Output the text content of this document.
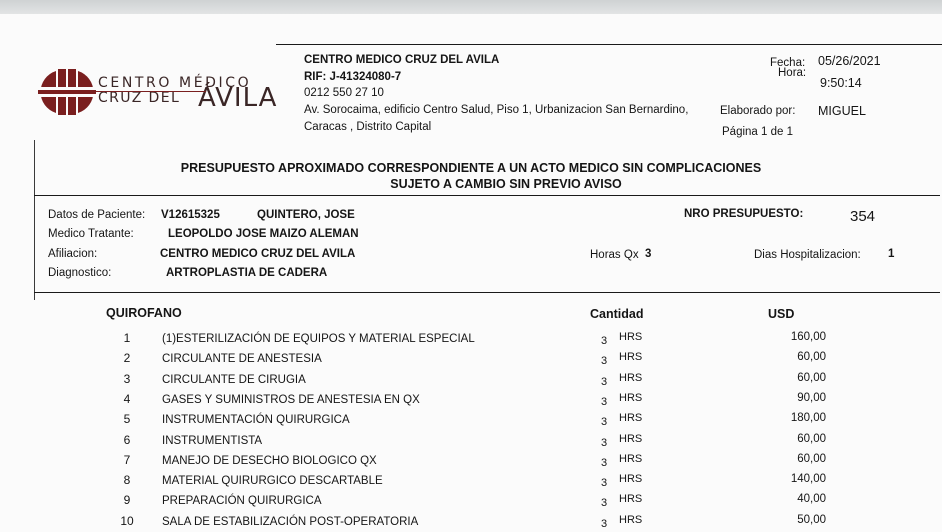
CENTRO MÉDICO
CRUZ DEL ÁVILA
CENTRO MEDICO CRUZ DEL AVILA
RIF: J-41324080-7
0212 550 27 10
Av. Sorocaima, edificio Centro Salud, Piso 1, Urbanizacion San Bernardino,
Caracas , Distrito Capital
Fecha: 05/26/2021
Hora:
9:50:14
Elaborado por: MIGUEL
Página 1 de 1
PRESUPUESTO APROXIMADO CORRESPONDIENTE A UN ACTO MEDICO SIN COMPLICACIONES
SUJETO A CAMBIO SIN PREVIO AVISO
Datos de Paciente: V12615325	QUINTERO, JOSE	NRO PRESUPUESTO:	354
Medico Tratante:	LEOPOLDO JOSE MAIZO ALEMAN
Afiliacion:	CENTRO MEDICO CRUZ DEL AVILA	Horas Qx 3	Dias Hospitalizacion: 1
Diagnostico:	ARTROPLASTIA DE CADERA
QUIROFANO	Cantidad	USD
1	(1)ESTERILIZACIÓN DE EQUIPOS Y MATERIAL ESPECIAL	3 HRS	160,00
2	CIRCULANTE DE ANESTESIA	3 HRS	60,00
3	CIRCULANTE DE CIRUGIA	3 HRS	60,00
4	GASES Y SUMINISTROS DE ANESTESIA EN QX	3 HRS	90,00
5	INSTRUMENTACIÓN QUIRURGICA	3 HRS	180,00
6	INSTRUMENTISTA	3 HRS	60,00
7	MANEJO DE DESECHO BIOLOGICO QX	3 HRS	60,00
8	MATERIAL QUIRURGICO DESCARTABLE	3 HRS	140,00
9	PREPARACIÓN QUIRURGICA	3 HRS	40,00
10 SALA DE ESTABILIZACIÓN POST-OPERATORIA	3 HRS	50,00
